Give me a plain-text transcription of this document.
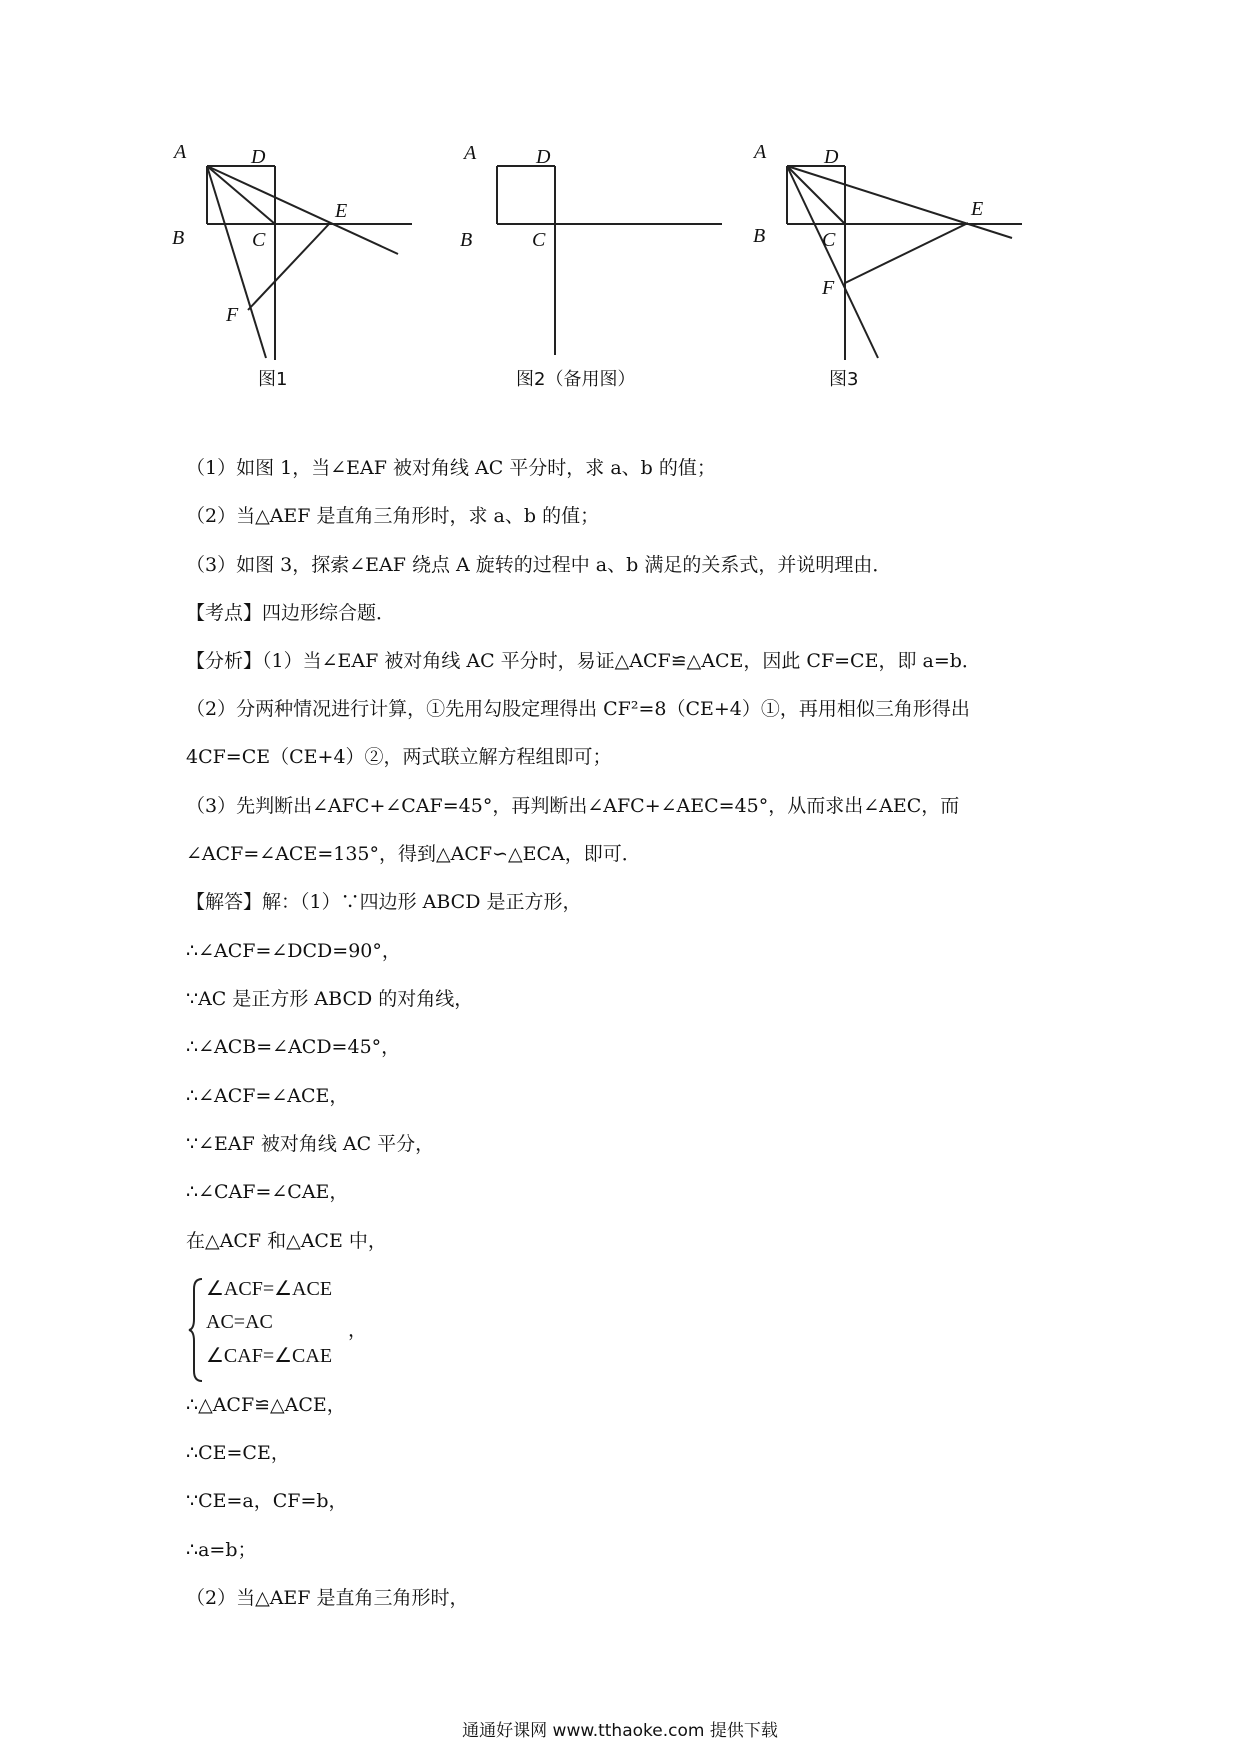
A	D
B	C
E
F
图1
A	D
B	C
图2（备用图）
A	D
B	C
E
F
图3
（1）如图 1，当∠EAF 被对角线 AC 平分时，求 a、b 的值；
（2）当△AEF 是直角三角形时，求 a、b 的值；
（3）如图 3，探索∠EAF 绕点 A 旋转的过程中 a、b 满足的关系式，并说明理由．
【考点】四边形综合题．
【分析】（1）当∠EAF 被对角线 AC 平分时，易证△ACF≌△ACE，因此 CF=CE，即 a=b．
（2）分两种情况进行计算，①先用勾股定理得出 CF²=8（CE+4）①，再用相似三角形得出
4CF=CE（CE+4）②，两式联立解方程组即可；
（3）先判断出∠AFC+∠CAF=45°，再判断出∠AFC+∠AEC=45°，从而求出∠AEC，而
∠ACF=∠ACE=135°，得到△ACF∽△ECA，即可．
【解答】解：（1）∵四边形 ABCD 是正方形，
∴∠ACF=∠DCD=90°，
∵AC 是正方形 ABCD 的对角线，
∴∠ACB=∠ACD=45°，
∴∠ACF=∠ACE，
∵∠EAF 被对角线 AC 平分，
∴∠CAF=∠CAE，
在△ACF 和△ACE 中，
∠ACF=∠ACE
AC=AC
∠CAF=∠CAE
，
∴△ACF≌△ACE，
∴CE=CE，
∵CE=a，CF=b，
∴a=b；
（2）当△AEF 是直角三角形时，
通通好课网 www.tthaoke.com 提供下载
